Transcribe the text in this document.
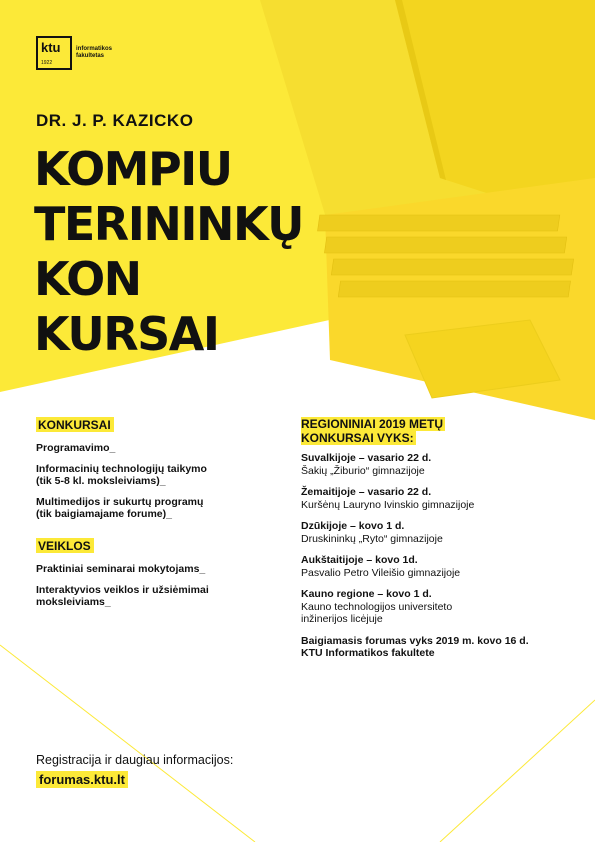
ktu
1922
informatikos
fakultetas
DR. J. P. KAZICKO
KOMPIU
TERININKŲ
KON
KURSAI
KONKURSAI
Programavimo_
Informacinių technologijų taikymo
(tik 5-8 kl. moksleiviams)_
Multimedijos ir sukurtų programų
(tik baigiamajame forume)_
VEIKLOS
Praktiniai seminarai mokytojams_
Interaktyvios veiklos ir užsiėmimai
moksleiviams_
REGIONINIAI 2019 METŲ
KONKURSAI VYKS:
Suvalkijoje – vasario 22 d.
Šakių „Žiburio“ gimnazijoje
Žemaitijoje – vasario 22 d.
Kuršėnų Lauryno Ivinskio gimnazijoje
Dzūkijoje – kovo 1 d.
Druskininkų „Ryto“ gimnazijoje
Aukštaitijoje – kovo 1d.
Pasvalio Petro Vileišio gimnazijoje
Kauno regione – kovo 1 d.
Kauno technologijos universiteto
inžinerijos licėjuje
Baigiamasis forumas vyks 2019 m. kovo 16 d.
KTU Informatikos fakultete
Registracija ir daugiau informacijos:
forumas.ktu.lt
